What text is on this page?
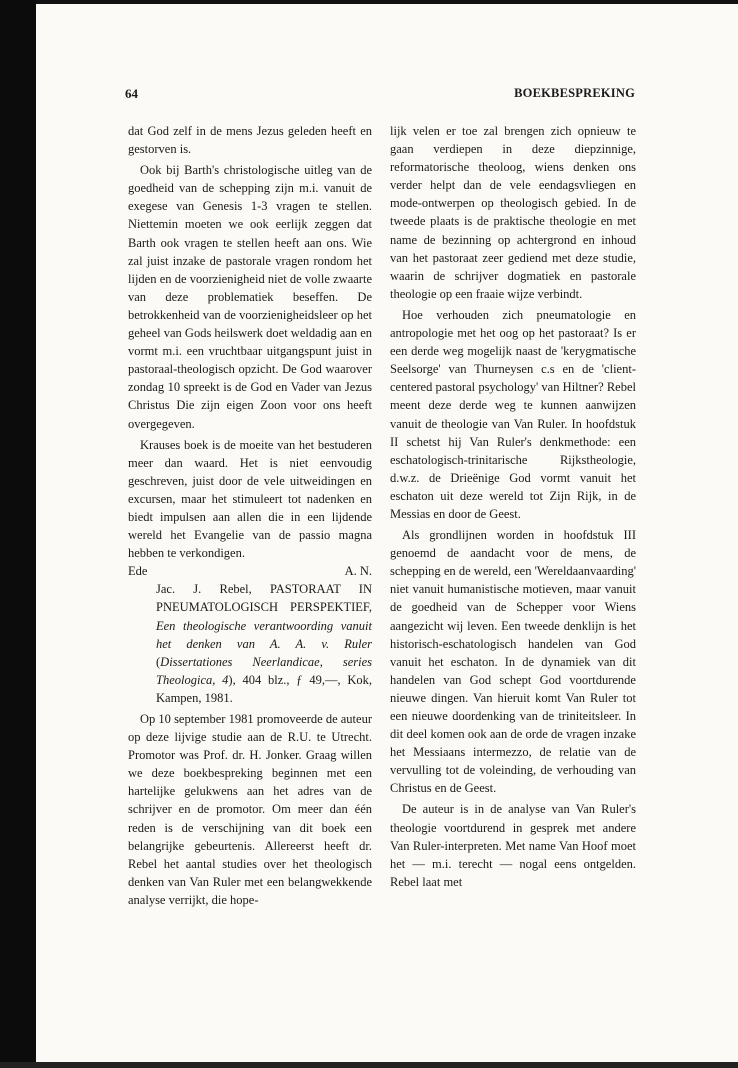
64	BOEKBESPREKING

dat God zelf in de mens Jezus geleden heeft en gestorven is.

Ook bij Barth's christologische uitleg van de goedheid van de schepping zijn m.i. vanuit de exegese van Genesis 1-3 vragen te stellen. Niettemin moeten we ook eerlijk zeggen dat Barth ook vragen te stellen heeft aan ons. Wie zal juist inzake de pastorale vragen rondom het lijden en de voorzienigheid niet de volle zwaarte van deze problematiek beseffen. De betrokkenheid van de voorzienigheidsleer op het geheel van Gods heilswerk doet weldadig aan en vormt m.i. een vruchtbaar uitgangspunt juist in pastoraal-theologisch opzicht. De God waarover zondag 10 spreekt is de God en Vader van Jezus Christus Die zijn eigen Zoon voor ons heeft overgegeven.

Krauses boek is de moeite van het bestuderen meer dan waard. Het is niet eenvoudig geschreven, juist door de vele uitweidingen en excursen, maar het stimuleert tot nadenken en biedt impulsen aan allen die in een lijdende wereld het Evangelie van de passio magna hebben te verkondigen.

Ede	A. N.

Jac. J. Rebel, PASTORAAT IN PNEUMATOLOGISCH PERSPEKTIEF, Een theologische verantwoording vanuit het denken van A. A. v. Ruler (Dissertationes Neerlandicae, series Theologica, 4), 404 blz., ƒ 49,—, Kok, Kampen, 1981.

Op 10 september 1981 promoveerde de auteur op deze lijvige studie aan de R.U. te Utrecht. Promotor was Prof. dr. H. Jonker. Graag willen we deze boekbespreking beginnen met een hartelijke gelukwens aan het adres van de schrijver en de promotor. Om meer dan één reden is de verschijning van dit boek een belangrijke gebeurtenis. Allereerst heeft dr. Rebel het aantal studies over het theologisch denken van Van Ruler met een belangwekkende analyse verrijkt, die hope-

lijk velen er toe zal brengen zich opnieuw te gaan verdiepen in deze diepzinnige, reformatorische theoloog, wiens denken ons verder helpt dan de vele eendagsvliegen en mode-ontwerpen op theologisch gebied. In de tweede plaats is de praktische theologie en met name de bezinning op achtergrond en inhoud van het pastoraat zeer gediend met deze studie, waarin de schrijver dogmatiek en pastorale theologie op een fraaie wijze verbindt.

Hoe verhouden zich pneumatologie en antropologie met het oog op het pastoraat? Is er een derde weg mogelijk naast de 'kerygmatische Seelsorge' van Thurneysen c.s en de 'client-centered pastoral psychology' van Hiltner? Rebel meent deze derde weg te kunnen aanwijzen vanuit de theologie van Van Ruler. In hoofdstuk II schetst hij Van Ruler's denkmethode: een eschatologisch-trinitarische Rijkstheologie, d.w.z. de Drieënige God vormt vanuit het eschaton uit deze wereld tot Zijn Rijk, in de Messias en door de Geest.

Als grondlijnen worden in hoofdstuk III genoemd de aandacht voor de mens, de schepping en de wereld, een 'Wereldaanvaarding' niet vanuit humanistische motieven, maar vanuit de goedheid van de Schepper voor Wiens aangezicht wij leven. Een tweede denklijn is het historisch-eschatologisch handelen van God vanuit het eschaton. In de dynamiek van dit handelen van God schept God voortdurende nieuwe dingen. Van hieruit komt Van Ruler tot een nieuwe doordenking van de triniteitsleer. In dit deel komen ook aan de orde de vragen inzake het Messiaans intermezzo, de relatie van de vervulling tot de voleinding, de verhouding van Christus en de Geest.

De auteur is in de analyse van Van Ruler's theologie voortdurend in gesprek met andere Van Ruler-interpreten. Met name Van Hoof moet het — m.i. terecht — nogal eens ontgelden. Rebel laat met
